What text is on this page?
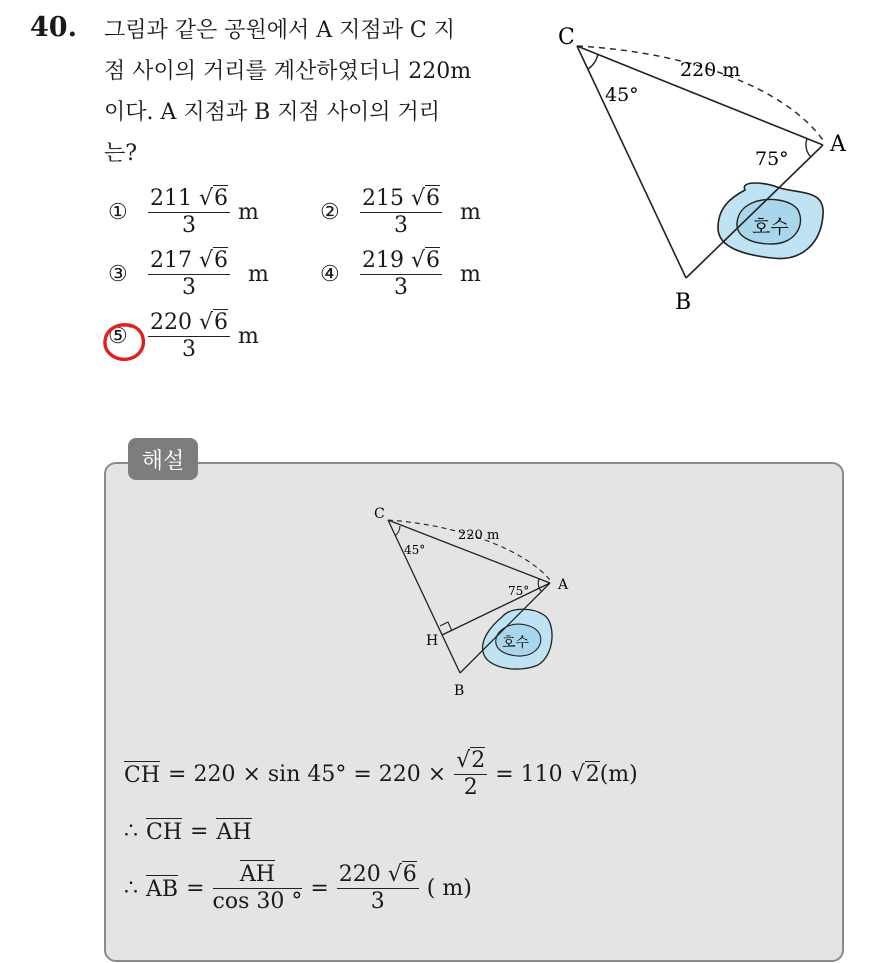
40. 그림과 같은 공원에서 A 지점과 C 지
점 사이의 거리를 계산하였더니 220m
이다. A 지점과 B 지점 사이의 거리
는?
호수
C
A
B
45°
75°
220 m
① $\frac{211 √6}{3}$ m	② $\frac{215 √6}{3}$ m
③ $\frac{217 √6}{3}$ m ④ $\frac{219 √6}{3}$ m
⑤ $\frac{220 √6}{3}$ m
해설
호수
C
A
B
H
45°
75°
220 m
CH = $220 \times \sin 45^\circ = 220 \times \frac{√2}{2} = 110$ √2 (m)
∴ CH = AH
∴ AB = $\frac{AH}{\cos 30 ^\circ} = \frac{220 √6}{3}$ ( m)
